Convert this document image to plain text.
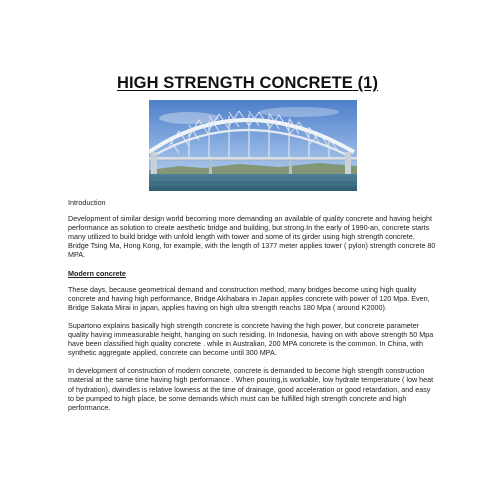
HIGH STRENGTH CONCRETE (1)

Introduction

Development of similar design world becoming more demanding an available of quality concrete and having height performance as solution to create aesthetic bridge and building, but strong.In the early of 1990-an, concrete starts many utilized to build bridge with unfold length with tower and some of its girder using high strength concrete. Bridge Tsing Ma, Hong Kong, for example, with the length of 1377 meter applies tower ( pylon) strength concrete 80 MPA.

Modern concrete

These days, because geometrical demand and construction method, many bridges become using high quality concrete and having high performance, Bridge Akihabara in Japan applies concrete with power of 120 Mpa. Even, Bridge Sakata Mirai in japan, applies having on high ultra strength reachs 180 Mpa ( around K2000).

Supartono explains basically high strength concrete is concrete having the high power, but concrete parameter quality having immeasurable height, hanging on such residing. In Indonesia, having on with above strength 50 Mpa have been classified high quality concrete . while in Australian, 200 MPA concrete is the common. In China, with synthetic aggregate applied, concrete can become until 300 MPA.

In development of construction of modern concrete, concrete is demanded to become high strength construction material at the same time having high performance . When pouring,is workable, low hydrate temperature ( low heat of hydration), dwindles is relative lowness at the time of drainage, good acceleration or good retardation, and easy to be pumped to high place, be some demands which must can be fulfilled high strength concrete and high performance.
